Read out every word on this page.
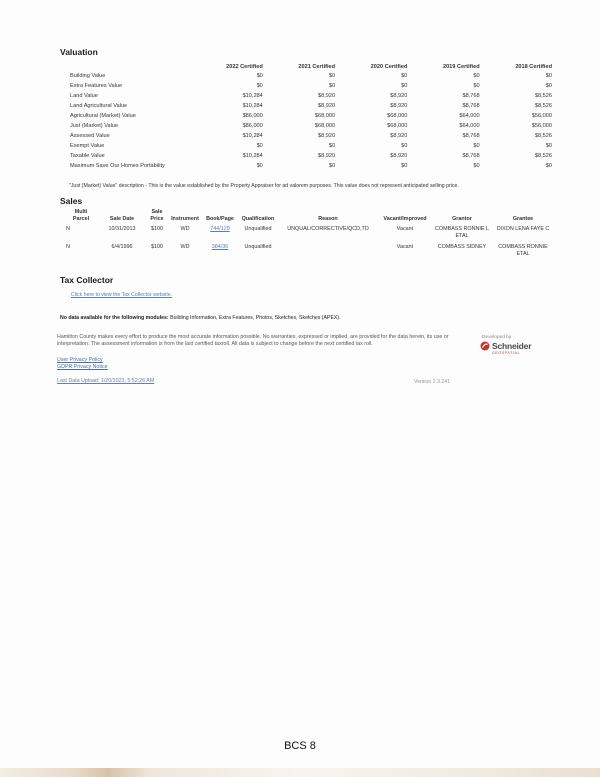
Valuation
	2022 Certified	2021 Certified	2020 Certified	2019 Certified	2018 Certified
Building Value	$0	$0	$0	$0	$0
Extra Features Value	$0	$0	$0	$0	$0
Land Value	$10,284	$8,920	$8,920	$8,768	$8,526
Land Agricultural Value	$10,284	$8,920	$8,920	$8,768	$8,526
Agricultural (Market) Value	$86,000	$68,000	$68,000	$64,000	$56,000
Just (Market) Value	$86,000	$68,000	$68,000	$64,000	$56,000
Assessed Value	$10,284	$8,920	$8,920	$8,768	$8,526
Exempt Value	$0	$0	$0	$0	$0
Taxable Value	$10,284	$8,920	$8,920	$8,768	$8,526
Maximum Save Our Homes Portability	$0	$0	$0	$0	$0
"Just (Market) Value" description - This is the value established by the Property Appraiser for ad valorem purposes. This value does not represent anticipated selling price.
Sales
Multi Parcel	Sale Date	Sale Price	Instrument	Book/Page	Qualification	Reason	Vacant/Improved	Grantor	Grantee
N	10/31/2013	$100	WD	744/129	Unqualified	UNQUAL/CORRECTIVE/QCD,TD	Vacant	COMBASS RONNIE L ETAL	DIXON LENA FAYE C
N	6/4/1996	$100	WD	384/36	Unqualified		Vacant	COMBASS SIDNEY	COMBASS RONNIE ETAL
Tax Collector
Click here to view the Tax Collector website.
No data available for the following modules: Building Information, Extra Features, Photos, Sketches, Sketches (APEX).
Hamilton County makes every effort to produce the most accurate information possible. No warranties, expressed or implied, are provided for the data herein, its use or interpretation. The assessment information is from the last certified taxroll. All data is subject to change before the next certified tax roll.
User Privacy Policy
GDPR Privacy Notice
Last Data Upload: 1/20/2023, 5:52:26 AM	Version 2.3.241
Developed by
Schneider
GEOSPATIAL
BCS 8
